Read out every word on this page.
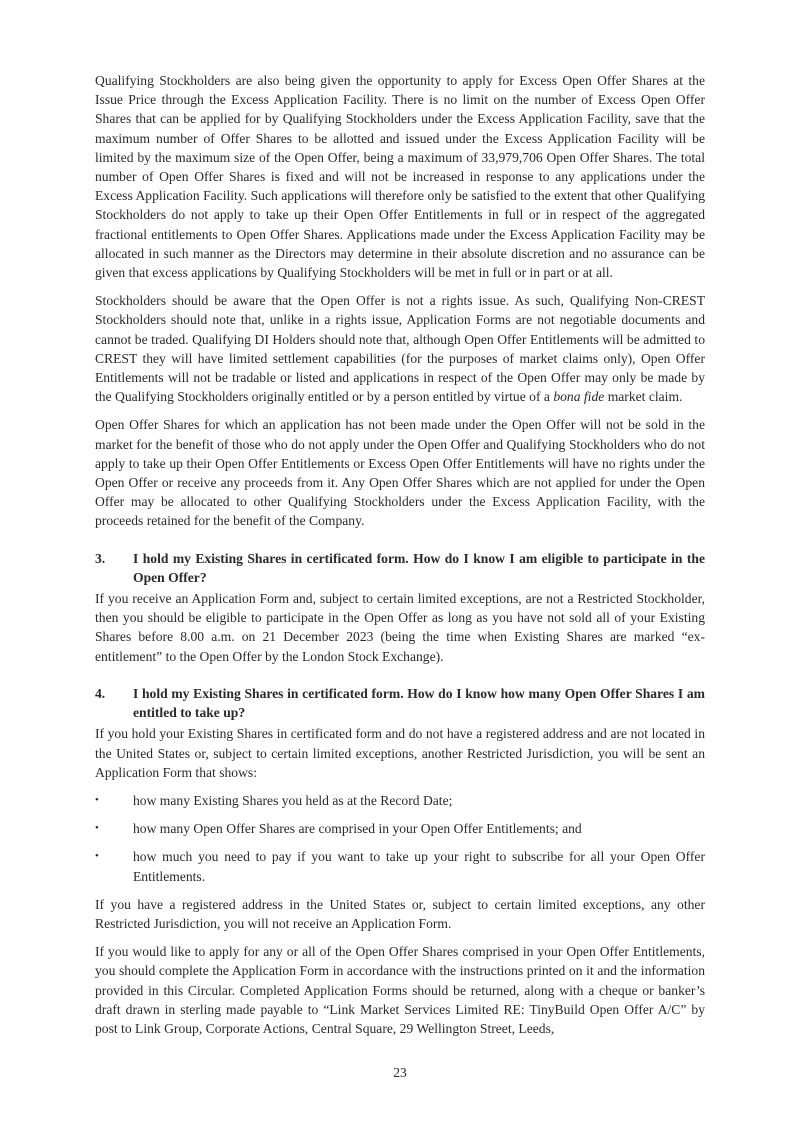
Qualifying Stockholders are also being given the opportunity to apply for Excess Open Offer Shares at the Issue Price through the Excess Application Facility. There is no limit on the number of Excess Open Offer Shares that can be applied for by Qualifying Stockholders under the Excess Application Facility, save that the maximum number of Offer Shares to be allotted and issued under the Excess Application Facility will be limited by the maximum size of the Open Offer, being a maximum of 33,979,706 Open Offer Shares. The total number of Open Offer Shares is fixed and will not be increased in response to any applications under the Excess Application Facility. Such applications will therefore only be satisfied to the extent that other Qualifying Stockholders do not apply to take up their Open Offer Entitlements in full or in respect of the aggregated fractional entitlements to Open Offer Shares. Applications made under the Excess Application Facility may be allocated in such manner as the Directors may determine in their absolute discretion and no assurance can be given that excess applications by Qualifying Stockholders will be met in full or in part or at all.

Stockholders should be aware that the Open Offer is not a rights issue. As such, Qualifying Non-CREST Stockholders should note that, unlike in a rights issue, Application Forms are not negotiable documents and cannot be traded. Qualifying DI Holders should note that, although Open Offer Entitlements will be admitted to CREST they will have limited settlement capabilities (for the purposes of market claims only), Open Offer Entitlements will not be tradable or listed and applications in respect of the Open Offer may only be made by the Qualifying Stockholders originally entitled or by a person entitled by virtue of a bona fide market claim.

Open Offer Shares for which an application has not been made under the Open Offer will not be sold in the market for the benefit of those who do not apply under the Open Offer and Qualifying Stockholders who do not apply to take up their Open Offer Entitlements or Excess Open Offer Entitlements will have no rights under the Open Offer or receive any proceeds from it. Any Open Offer Shares which are not applied for under the Open Offer may be allocated to other Qualifying Stockholders under the Excess Application Facility, with the proceeds retained for the benefit of the Company.

3.	I hold my Existing Shares in certificated form. How do I know I am eligible to participate in the Open Offer?

If you receive an Application Form and, subject to certain limited exceptions, are not a Restricted Stockholder, then you should be eligible to participate in the Open Offer as long as you have not sold all of your Existing Shares before 8.00 a.m. on 21 December 2023 (being the time when Existing Shares are marked “ex-entitlement” to the Open Offer by the London Stock Exchange).

4.	I hold my Existing Shares in certificated form. How do I know how many Open Offer Shares I am entitled to take up?

If you hold your Existing Shares in certificated form and do not have a registered address and are not located in the United States or, subject to certain limited exceptions, another Restricted Jurisdiction, you will be sent an Application Form that shows:

•	how many Existing Shares you held as at the Record Date;
•	how many Open Offer Shares are comprised in your Open Offer Entitlements; and
•	how much you need to pay if you want to take up your right to subscribe for all your Open Offer Entitlements.

If you have a registered address in the United States or, subject to certain limited exceptions, any other Restricted Jurisdiction, you will not receive an Application Form.

If you would like to apply for any or all of the Open Offer Shares comprised in your Open Offer Entitlements, you should complete the Application Form in accordance with the instructions printed on it and the information provided in this Circular. Completed Application Forms should be returned, along with a cheque or banker’s draft drawn in sterling made payable to “Link Market Services Limited RE: TinyBuild Open Offer A/C” by post to Link Group, Corporate Actions, Central Square, 29 Wellington Street, Leeds,

23
